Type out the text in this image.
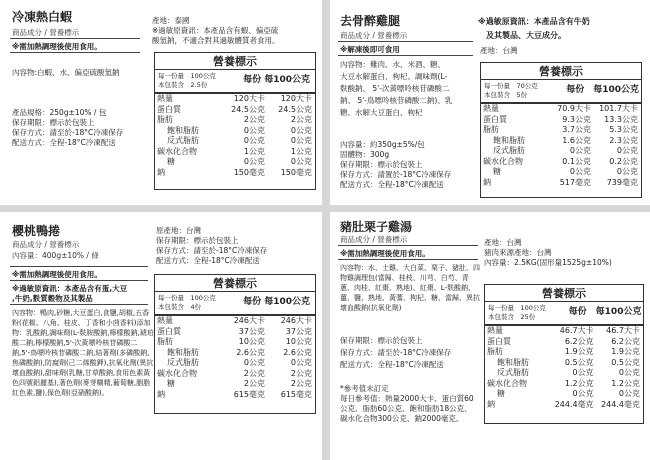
冷凍熱白蝦
商品成分 / 營養標示
※需加熱調理後使用食用。
內容物:白蝦、水、偏亞硫酸氫鈉
產品規格：250g±10% / 包
保存期限：標示於包裝上
保存方式：請至於-18°C冷凍保存
配送方式：全程-18°C冷凍配送
產地：泰國
※過敏原資訊：本產品含有蝦、偏亞硫
酸氫鈉，不適合對其過敏體質者食用。
營養標示
每一份量　100公克
本包裝含　2.5份	每份 每100公克
熱量	120大卡	120大卡
蛋白質	24.5公克	24.5公克
脂肪	2公克	2公克
飽和脂肪	0公克	0公克
反式脂肪	0公克	0公克
碳水化合物	1公克	1公克
糖	0公克	0公克
鈉	150毫克	150毫克
去骨醉雞腿
商品成分 / 營養標示
※解凍後即可食用
內容物：雞肉、水、米酒、糖、
大豆水解蛋白、枸杞、調味劑(L-
麩酸鈉、 5'-次黃嘌呤核苷磷酸二
鈉、 5'-鳥嘌呤核苷磷酸二鈉)、乳
糖、水解大豆蛋白、枸杞
內容量：約350g±5%/包
固體物：300g
保存期限：標示於包裝上
保存方式：請置於-18°C冷凍保存
配送方式：全程-18°C冷凍配送
※過敏原資訊：本產品含有牛奶
及其製品、大豆成分。
產地：台灣
營養標示
每一份量　70公克
本包裝含　5份	每份　每100公克
熱量	70.9大卡	101.7大卡
蛋白質	9.3公克	13.3公克
脂肪	3.7公克	5.3公克
飽和脂肪	1.6公克	2.3公克
反式脂肪	0公克	0公克
碳水化合物	0.1公克	0.2公克
糖	0公克	0公克
鈉	517毫克	739毫克
櫻桃鴨捲
商品成分 / 營養標示
內容量：400g±10% / 條
原產地：台灣
保存期限：標示於包裝上
保存方式：請至於-18°C冷凍保存
配送方式：全程-18°C冷凍配送
※需加熱調理後使用食用。
※過敏原資訊：本產品含有蛋,大豆
,牛奶,麩質穀物及其製品
內容物：鴨肉,砂糖,大豆蛋白,食鹽,胡椒,五香粉(花椒、八角、桂皮、丁香和小茴香料)添加物：乳酸鈉,調味劑(L-麩胺酸鈉,檸檬酸鈉,琥珀酸二鈉,檸檬酸鈉,5'-次黃嘌呤核苷磷酸二鈉,5'-鳥嘌呤核苷磷酸二鈉,結著劑(多磷酸鈉,焦磷酸鈉),防腐劑(己二烯酸鉀),抗氧化劑(異抗壞血酸鈉),甜味劑(乳糖,甘草酸鈉,食用色素黃色四號鋁麗基),著色劑(麥芽糊精,葡萄糖,胭脂紅色素,鹽),保色劑(亞硝酸鈉)。
營養標示
每一份量　100公克
本包裝含　4份	每份 每100公克
熱量	246大卡	246大卡
蛋白質	37公克	37公克
脂肪	10公克	10公克
飽和脂肪	2.6公克	2.6公克
反式脂肪	0公克	0公克
碳水化合物	2公克	2公克
糖	2公克	2公克
鈉	615毫克	615毫克
豬肚栗子雞湯
商品成分 / 營養標示
※需加熱調理後使用食用。
內容物：水、土雞、大白菜、栗子、豬肚、四物雞調理包(當歸、桂枝、川芎、白芍、青蔥、肉桂、紅棗、熟地)、紅棗、L-麩酸鈉、薑、鹽、熟地、黃蓍、枸杞、糖、當歸、異抗壞血酸鈉(抗氧化劑)
保存期限：標示於包裝上
保存方式：請至於-18°C冷凍保存
配送方式：全程-18°C冷凍配送
*參考值未訂定
每日參考值：熱量2000大卡、蛋白質60
公克、脂肪60公克、飽和脂肪18公克、
碳水化合物300公克、鈉2000毫克。
產地：台灣
豬肉來源產地：台灣
內容量：2.5KG(固形量1525g±10%)
營養標示
每一份量　100公克
本包裝含　25份	每份　每100公克
熱量	46.7大卡	46.7大卡
蛋白質	6.2公克	6.2公克
脂肪	1.9公克	1.9公克
飽和脂肪	0.5公克	0.5公克
反式脂肪	0公克	0公克
碳水化合物	1.2公克	1.2公克
糖	0公克	0公克
鈉	244.4毫克 244.4毫克
